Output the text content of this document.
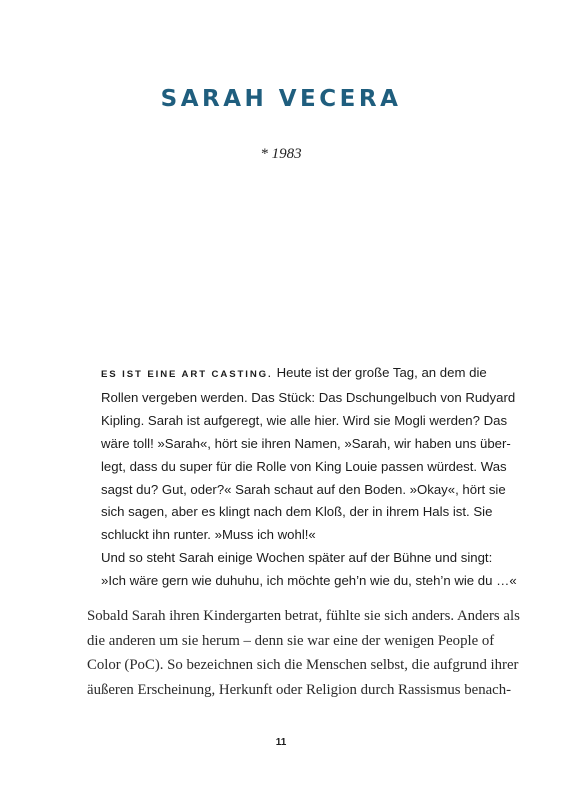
SARAH VECERA

* 1983

ES IST EINE ART CASTING. Heute ist der große Tag, an dem die
Rollen vergeben werden. Das Stück: Das Dschungelbuch von Rudyard
Kipling. Sarah ist aufgeregt, wie alle hier. Wird sie Mogli werden? Das
wäre toll! »Sarah«, hört sie ihren Namen, »Sarah, wir haben uns über-
legt, dass du super für die Rolle von King Louie passen würdest. Was
sagst du? Gut, oder?« Sarah schaut auf den Boden. »Okay«, hört sie
sich sagen, aber es klingt nach dem Kloß, der in ihrem Hals ist. Sie
schluckt ihn runter. »Muss ich wohl!«
Und so steht Sarah einige Wochen später auf der Bühne und singt:
»Ich wäre gern wie duhuhu, ich möchte geh’n wie du, steh’n wie du …«

Sobald Sarah ihren Kindergarten betrat, fühlte sie sich anders. Anders als
die anderen um sie herum – denn sie war eine der wenigen People of
Color (PoC). So bezeichnen sich die Menschen selbst, die aufgrund ihrer
äußeren Erscheinung, Herkunft oder Religion durch Rassismus benach-

11
